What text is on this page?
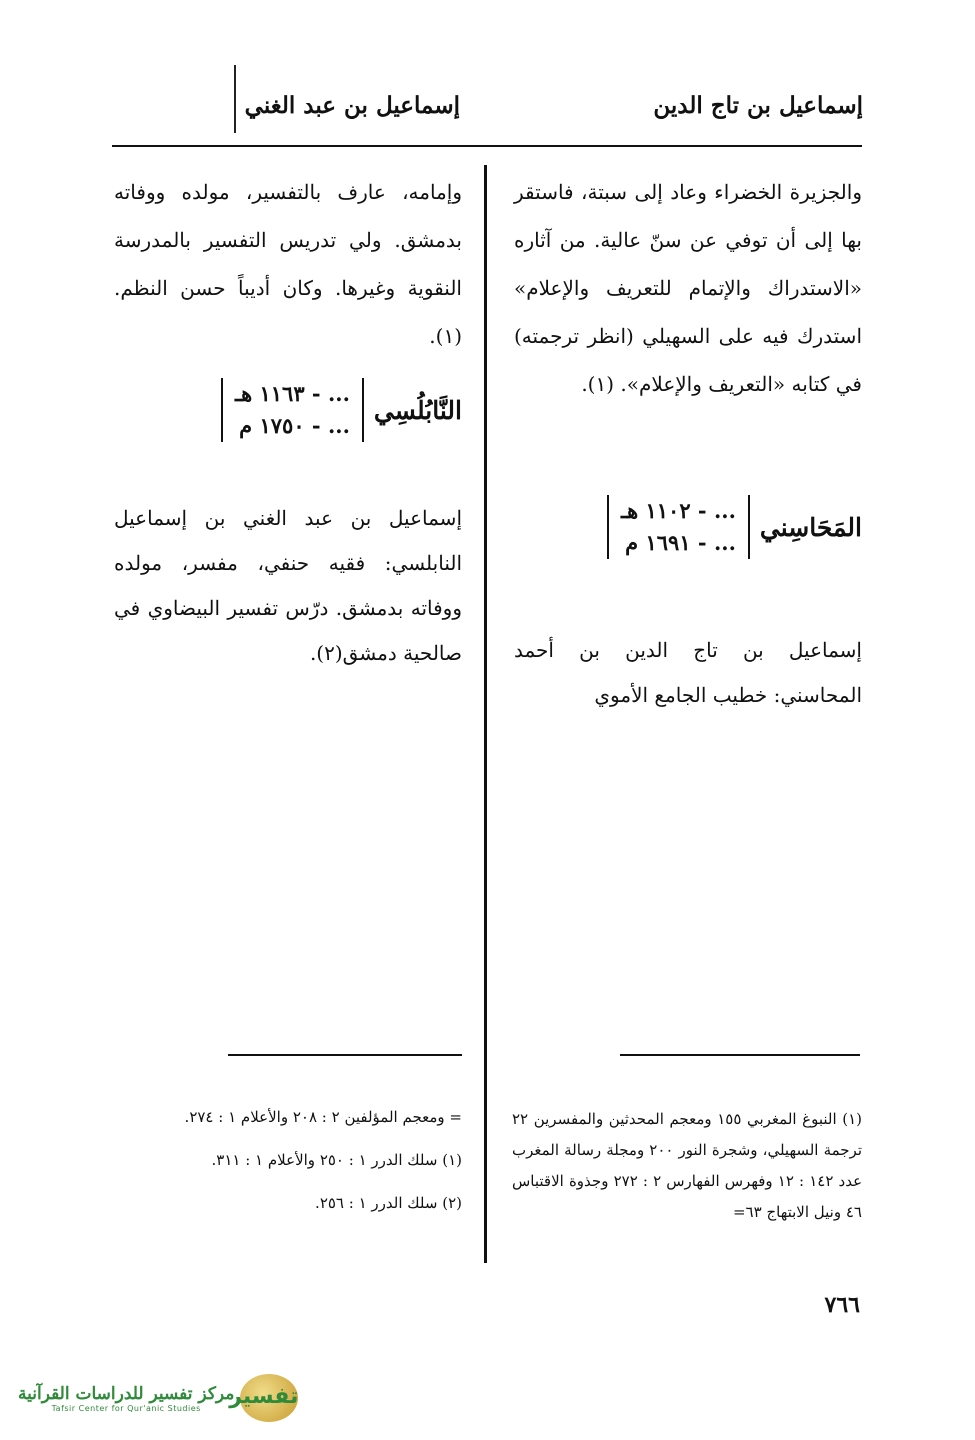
إسماعيل بن تاج الدين
إسماعيل بن عبد الغني
والجزيرة الخضراء وعاد إلى سبتة، فاستقر بها إلى أن توفي عن سنّ عالية. من آثاره «الاستدراك والإتمام للتعريف والإعلام» استدرك فيه على السهيلي (انظر ترجمته) في كتابه «التعريف والإعلام». (١).
وإمامه، عارف بالتفسير، مولده ووفاته بدمشق. ولي تدريس التفسير بالمدرسة النقوية وغيرها. وكان أديباً حسن النظم. (١).
المَحَاسِني
... - ١١٠٢ هـ
... - ١٦٩١ م
النَّابُلُسِي
... - ١١٦٣ هـ
... - ١٧٥٠ م
إسماعيل بن تاج الدين بن أحمد المحاسني: خطيب الجامع الأموي
إسماعيل بن عبد الغني بن إسماعيل النابلسي: فقيه حنفي، مفسر، مولده ووفاته بدمشق. درّس تفسير البيضاوي في صالحية دمشق(٢).

(١) النبوغ المغربي ١٥٥ ومعجم المحدثين والمفسرين ٢٢ ترجمة السهيلي، وشجرة النور ٢٠٠ ومجلة رسالة المغرب عدد ١٤٢ : ١٢ وفهرس الفهارس ٢ : ٢٧٢ وجذوة الاقتباس ٤٦ ونيل الابتهاج ٦٣=

= ومعجم المؤلفين ٢ : ٢٠٨ والأعلام ١ : ٢٧٤.

(١) سلك الدرر ١ : ٢٥٠ والأعلام ١ : ٣١١.

(٢) سلك الدرر ١ : ٢٥٦.

٧٦٦
تفسير
مركز تفسير للدراسات القرآنية
Tafsir Center for Qur'anic Studies
